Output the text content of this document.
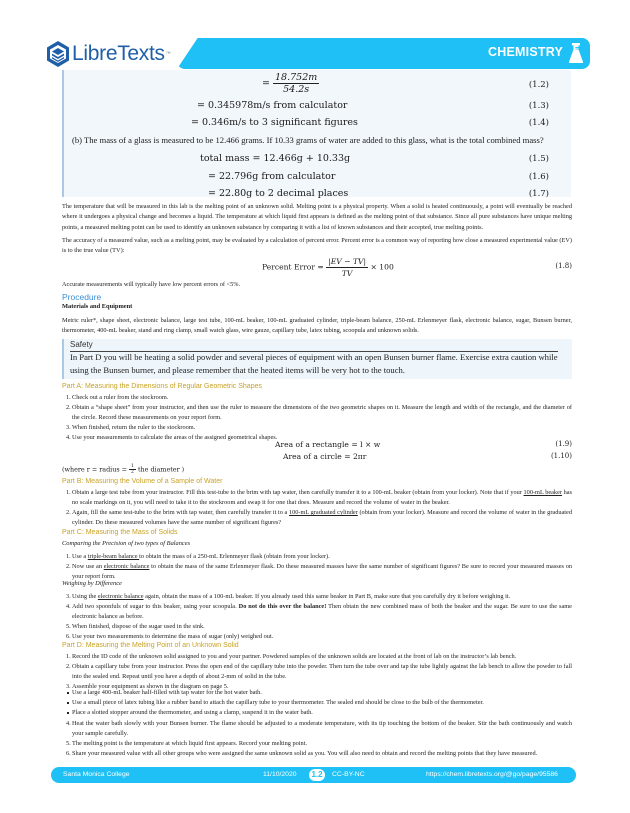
LibreTexts ™	CHEMISTRY
= $\frac{18.752m}{54.2s}$	(1.2)
= 0.345978m/s from calculator	(1.3)
= 0.346m/s to 3 significant figures	(1.4)
(b) The mass of a glass is measured to be 12.466 grams. If 10.33 grams of water are added to this glass, what is the total combined mass?
total mass = 12.466g + 10.33g	(1.5)
= 22.796g from calculator	(1.6)
= 22.80g to 2 decimal places	(1.7)
The temperature that will be measured in this lab is the melting point of an unknown solid. Melting point is a physical property. When a solid is heated continuously, a point will eventually be reached where it undergoes a physical change and becomes a liquid. The temperature at which liquid first appears is defined as the melting point of that substance. Since all pure substances have unique melting points, a measured melting point can be used to identify an unknown substance by comparing it with a list of known substances and their accepted, true melting points.
The accuracy of a measured value, such as a melting point, may be evaluated by a calculation of percent error. Percent error is a common way of reporting how close a measured experimental value (EV) is to the true value (TV):
Percent Error = $\frac{|EV - TV|}{TV} \times 100$	(1.8)
Accurate measurements will typically have low percent errors of <5%.
Procedure
Materials and Equipment
Metric ruler*, shape sheet, electronic balance, large test tube, 100-mL beaker, 100-mL graduated cylinder, triple-beam balance, 250-mL Erlenmeyer flask, electronic balance, sugar, Bunsen burner, thermometer, 400-mL beaker, stand and ring clamp, small watch glass, wire gauze, capillary tube, latex tubing, scoopula and unknown solids.
Safety
In Part D you will be heating a solid powder and several pieces of equipment with an open Bunsen burner flame. Exercise extra caution while using the Bunsen burner, and please remember that the heated items will be very hot to the touch.
Part A: Measuring the Dimensions of Regular Geometric Shapes
1. Check out a ruler from the stockroom.
2. Obtain a “shape sheet” from your instructor, and then use the ruler to measure the dimensions of the two geometric shapes on it. Measure the length and width of the rectangle, and the diameter of the circle. Record these measurements on your report form.
3. When finished, return the ruler to the stockroom.
4. Use your measurements to calculate the areas of the assigned geometrical shapes.
Area of a rectangle = l × w	(1.9)
Area of a circle = 2πr	(1.10)
(where r = radius = $\frac{1}{2}$ the diameter )
Part B: Measuring the Volume of a Sample of Water
1. Obtain a large test tube from your instructor. Fill this test-tube to the brim with tap water, then carefully transfer it to a 100-mL beaker (obtain from your locker). Note that if your 100-mL beaker has no scale markings on it, you will need to take it to the stockroom and swap it for one that does. Measure and record the volume of water in the beaker.
2. Again, fill the same test-tube to the brim with tap water, then carefully transfer it to a 100-mL graduated cylinder (obtain from your locker). Measure and record the volume of water in the graduated cylinder. Do these measured volumes have the same number of significant figures?
Part C: Measuring the Mass of Solids
Comparing the Precision of two types of Balances
1. Use a triple-beam balance to obtain the mass of a 250-mL Erlenmeyer flask (obtain from your locker).
2. Now use an electronic balance to obtain the mass of the same Erlenmeyer flask. Do these measured masses have the same number of significant figures? Be sure to record your measured masses on your report form.
Weighing by Difference
3. Using the electronic balance again, obtain the mass of a 100-mL beaker. If you already used this same beaker in Part B, make sure that you carefully dry it before weighing it.
4. Add two spoonfuls of sugar to this beaker, using your scoopula. Do not do this over the balance! Then obtain the new combined mass of both the beaker and the sugar. Be sure to use the same electronic balance as before.
5. When finished, dispose of the sugar used in the sink.
6. Use your two measurements to determine the mass of sugar (only) weighed out.
Part D: Measuring the Melting Point of an Unknown Solid
1. Record the ID code of the unknown solid assigned to you and your partner. Powdered samples of the unknown solids are located at the front of lab on the instructor’s lab bench.
2. Obtain a capillary tube from your instructor. Press the open end of the capillary tube into the powder. Then turn the tube over and tap the tube lightly against the lab bench to allow the powder to fall into the sealed end. Repeat until you have a depth of about 2-mm of solid in the tube.
3. Assemble your equipment as shown in the diagram on page 5.
Use a large 400-mL beaker half-filled with tap water for the hot water bath.
Use a small piece of latex tubing like a rubber band to attach the capillary tube to your thermometer. The sealed end should be close to the bulb of the thermometer.
Place a slotted stopper around the thermometer, and using a clamp, suspend it in the water bath.
4. Heat the water bath slowly with your Bunsen burner. The flame should be adjusted to a moderate temperature, with its tip touching the bottom of the beaker. Stir the bath continuously and watch your sample carefully.
5. The melting point is the temperature at which liquid first appears. Record your melting point.
6. Share your measured value with all other groups who were assigned the same unknown solid as you. You will also need to obtain and record the melting points that they have measured.
Santa Monica College	11/10/2020	1.2	CC-BY-NC	https://chem.libretexts.org/@go/page/95586
